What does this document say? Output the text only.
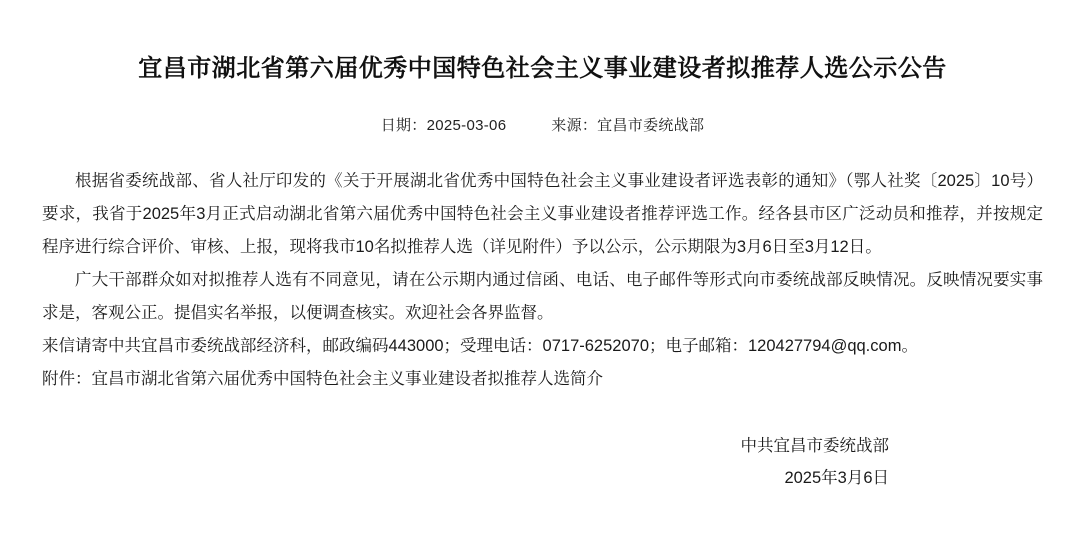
宜昌市湖北省第六届优秀中国特色社会主义事业建设者拟推荐人选公示公告
日期：2025-03-06	来源：宜昌市委统战部

根据省委统战部、省人社厅印发的《关于开展湖北省优秀中国特色社会主义事业建设者评选表彰的通知》（鄂人社奖〔2025〕10号）要求，我省于2025年3月正式启动湖北省第六届优秀中国特色社会主义事业建设者推荐评选工作。经各县市区广泛动员和推荐，并按规定程序进行综合评价、审核、上报，现将我市10名拟推荐人选（详见附件）予以公示，公示期限为3月6日至3月12日。

广大干部群众如对拟推荐人选有不同意见，请在公示期内通过信函、电话、电子邮件等形式向市委统战部反映情况。反映情况要实事求是，客观公正。提倡实名举报，以便调查核实。欢迎社会各界监督。

来信请寄中共宜昌市委统战部经济科，邮政编码443000；受理电话：0717-6252070；电子邮箱：120427794@qq.com。

附件：宜昌市湖北省第六届优秀中国特色社会主义事业建设者拟推荐人选简介

中共宜昌市委统战部
2025年3月6日
